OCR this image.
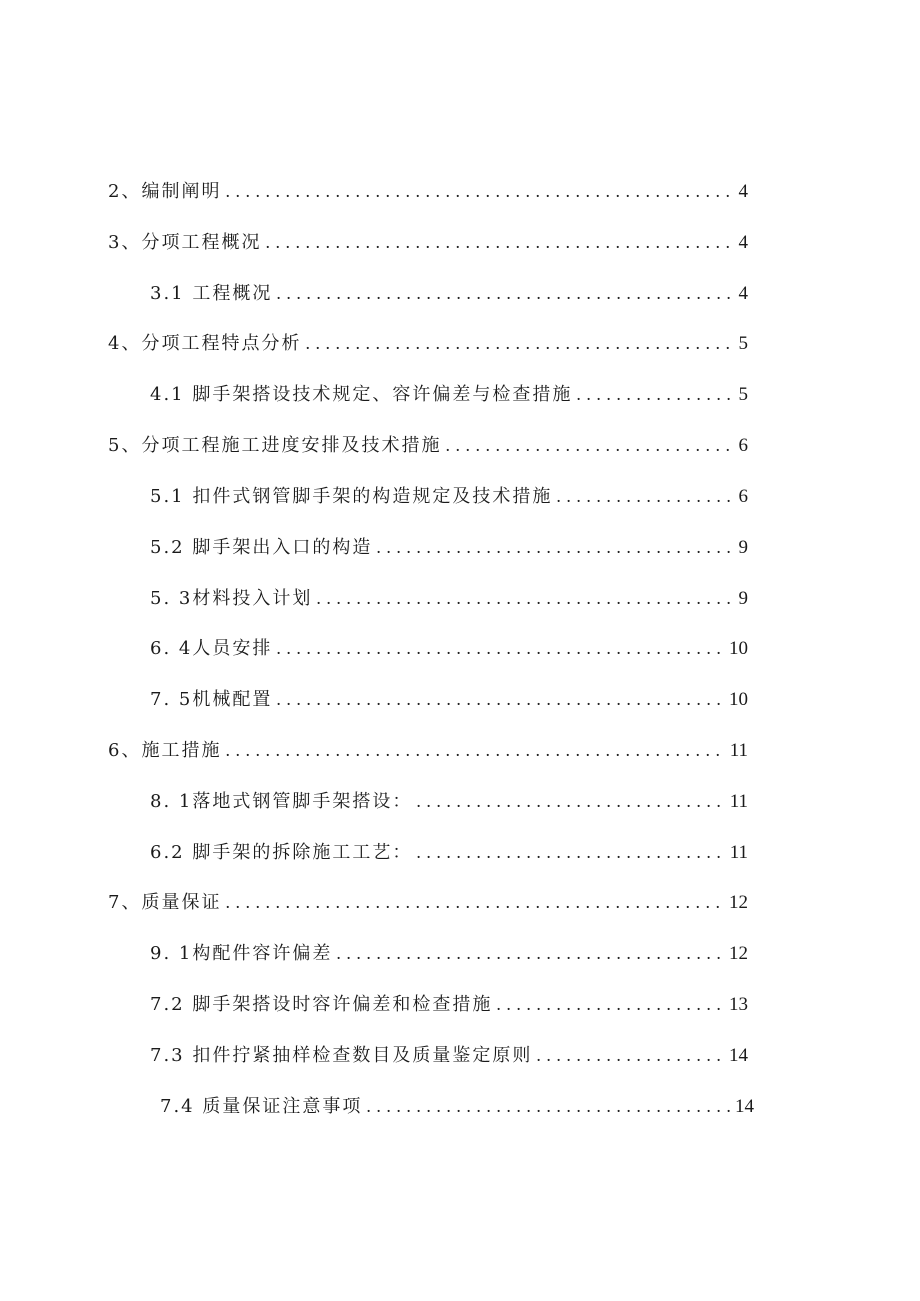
2、编制阐明 .....	4
3、分项工程概况 .....	4
3.1 工程概况 .....	4
4、分项工程特点分析 .....	5
4.1 脚手架搭设技术规定、容许偏差与检查措施 .....	5
5、分项工程施工进度安排及技术措施 .....	6
5.1 扣件式钢管脚手架的构造规定及技术措施 .....	6
5.2 脚手架出入口的构造 .....	9
5. 3材料投入计划 .....	9
6. 4人员安排 .....	10
7. 5机械配置 .....	10
6、施工措施 .....	11
8. 1落地式钢管脚手架搭设： .....	11
6.2 脚手架的拆除施工工艺： .....	11
7、质量保证 .....	12
9. 1构配件容许偏差 .....	12
7.2 脚手架搭设时容许偏差和检查措施 .....	13
7.3 扣件拧紧抽样检查数目及质量鉴定原则 .....	14
7.4 质量保证注意事项 .....	14
